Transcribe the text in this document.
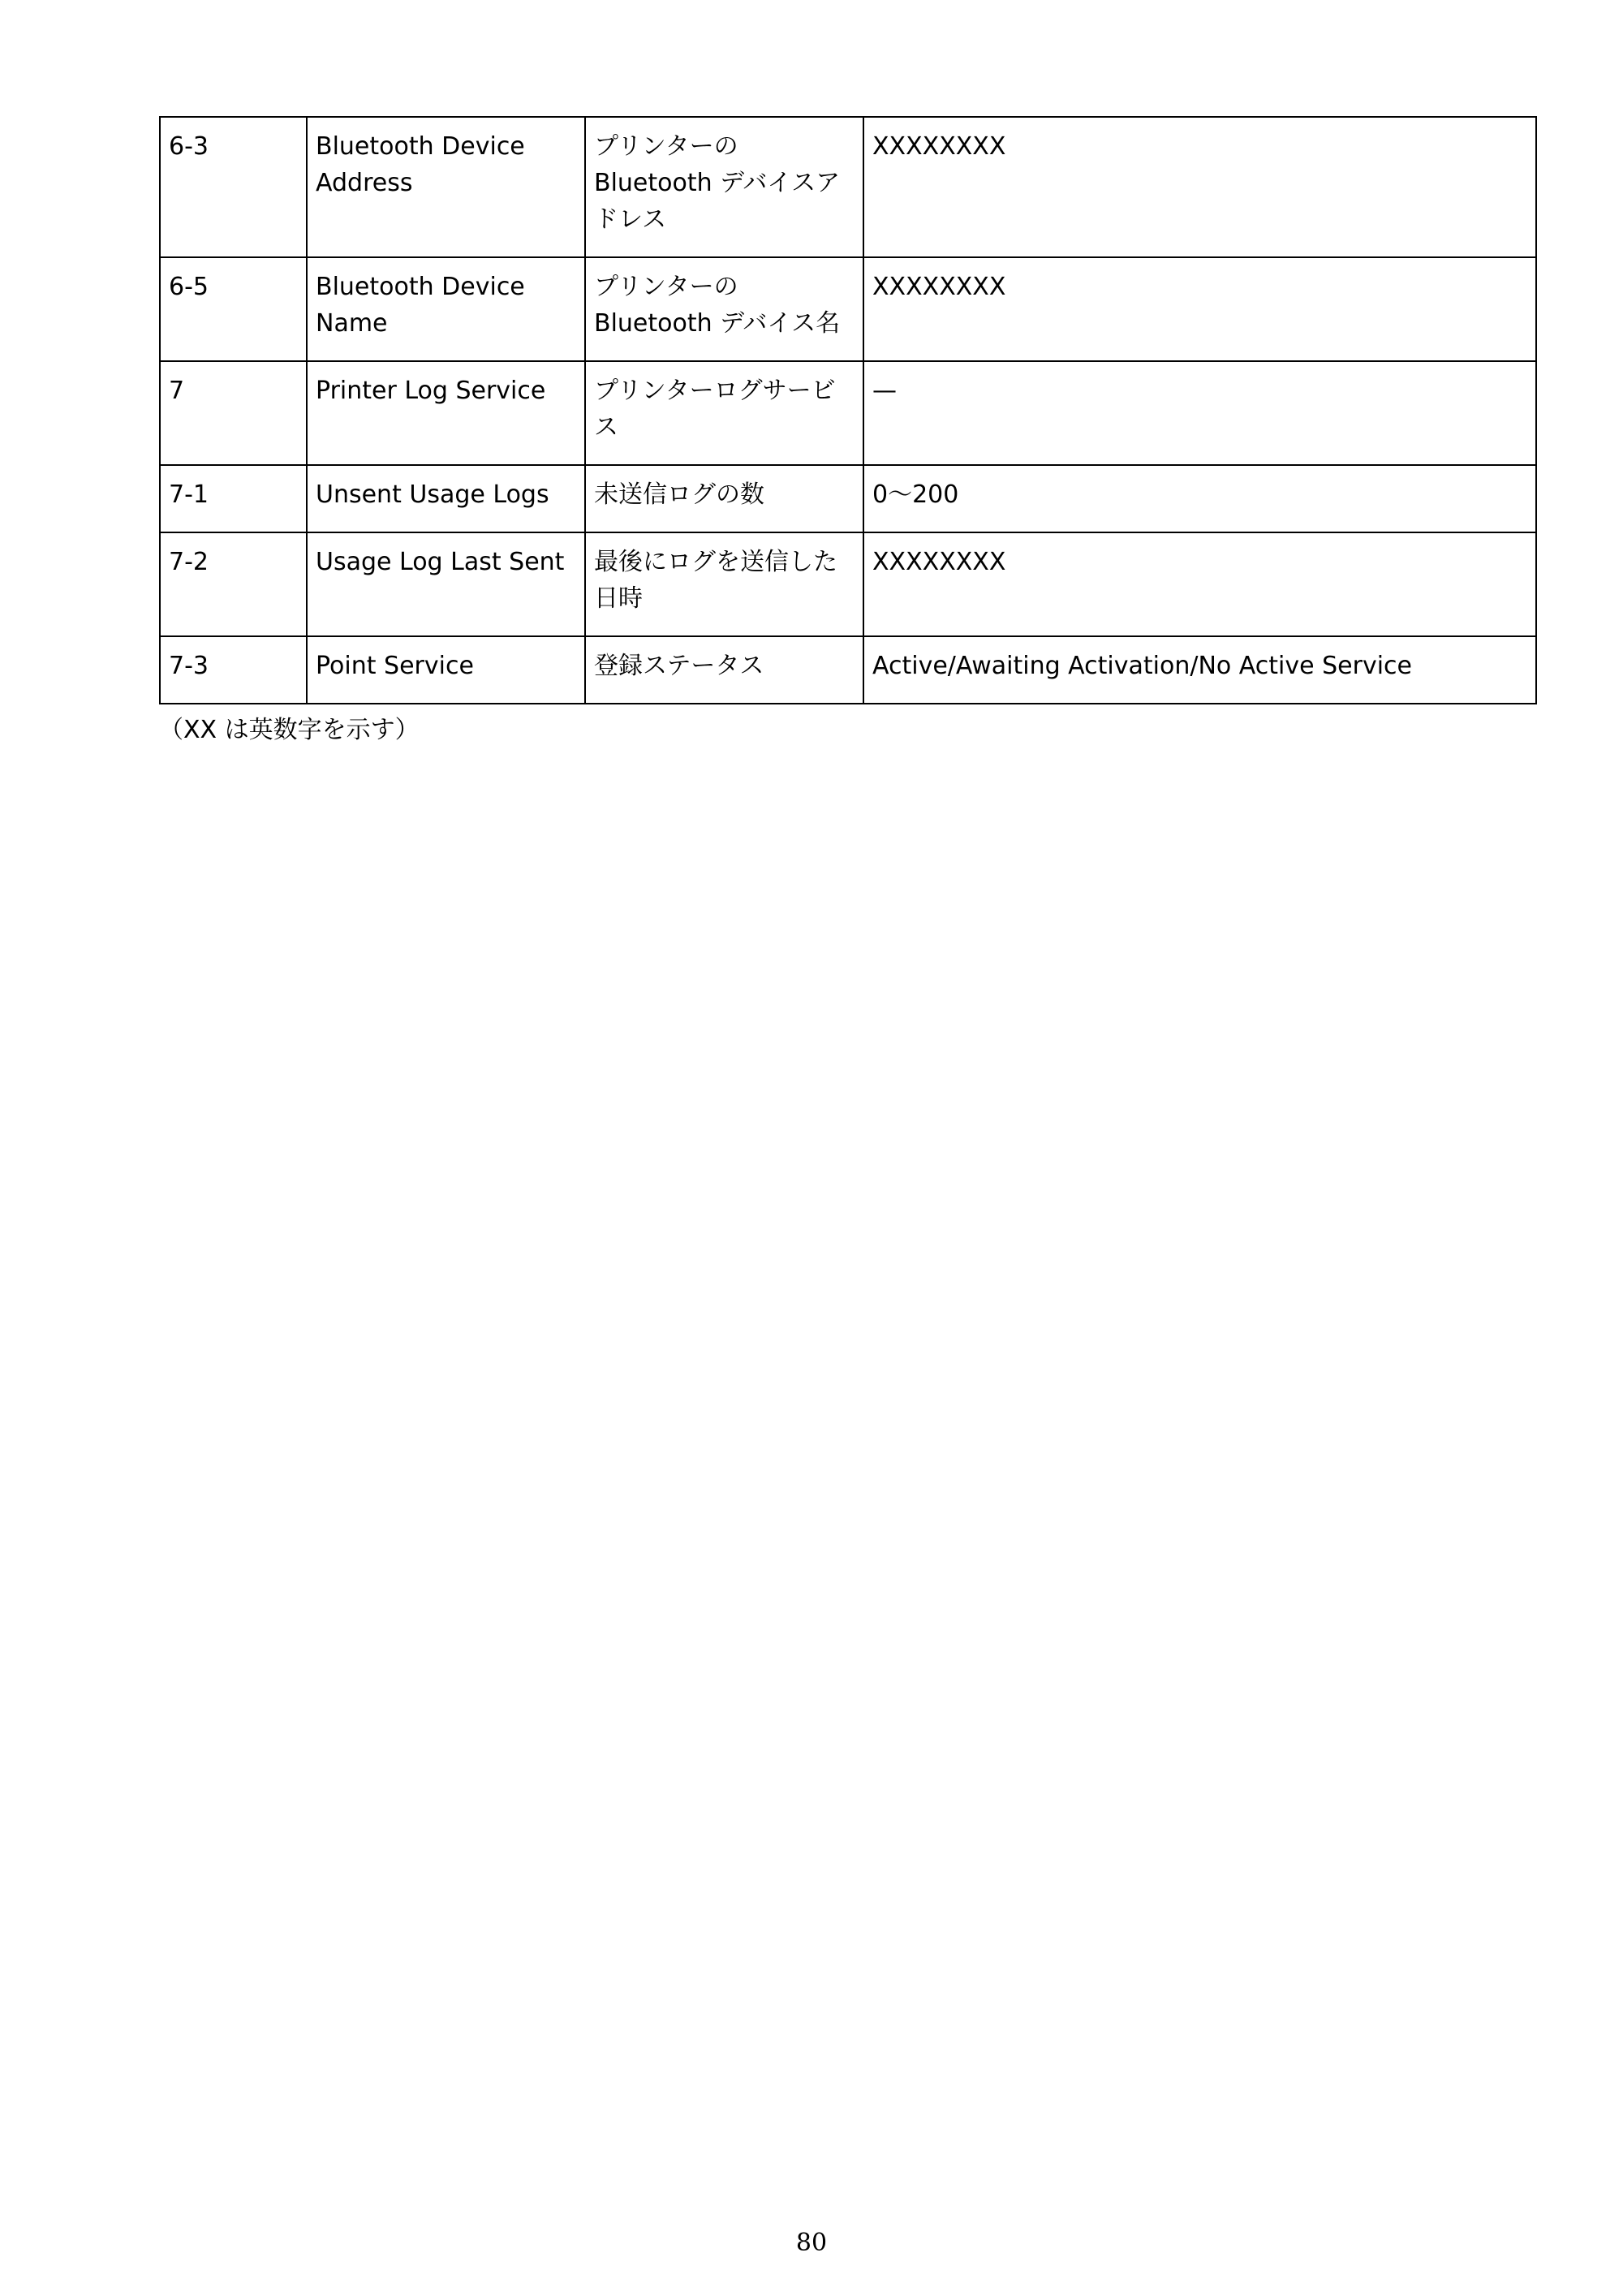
6-3	Bluetooth Device Address	プリンターのBluetooth デバイスアドレス	XXXXXXXX
6-5	Bluetooth Device Name	プリンターのBluetooth デバイス名	XXXXXXXX
7	Printer Log Service	プリンターログサービス	—
7-1	Unsent Usage Logs	未送信ログの数	0～200
7-2	Usage Log Last Sent	最後にログを送信した日時	XXXXXXXX
7-3	Point Service	登録ステータス	Active/Awaiting Activation/No Active Service
（XX は英数字を示す）
80
